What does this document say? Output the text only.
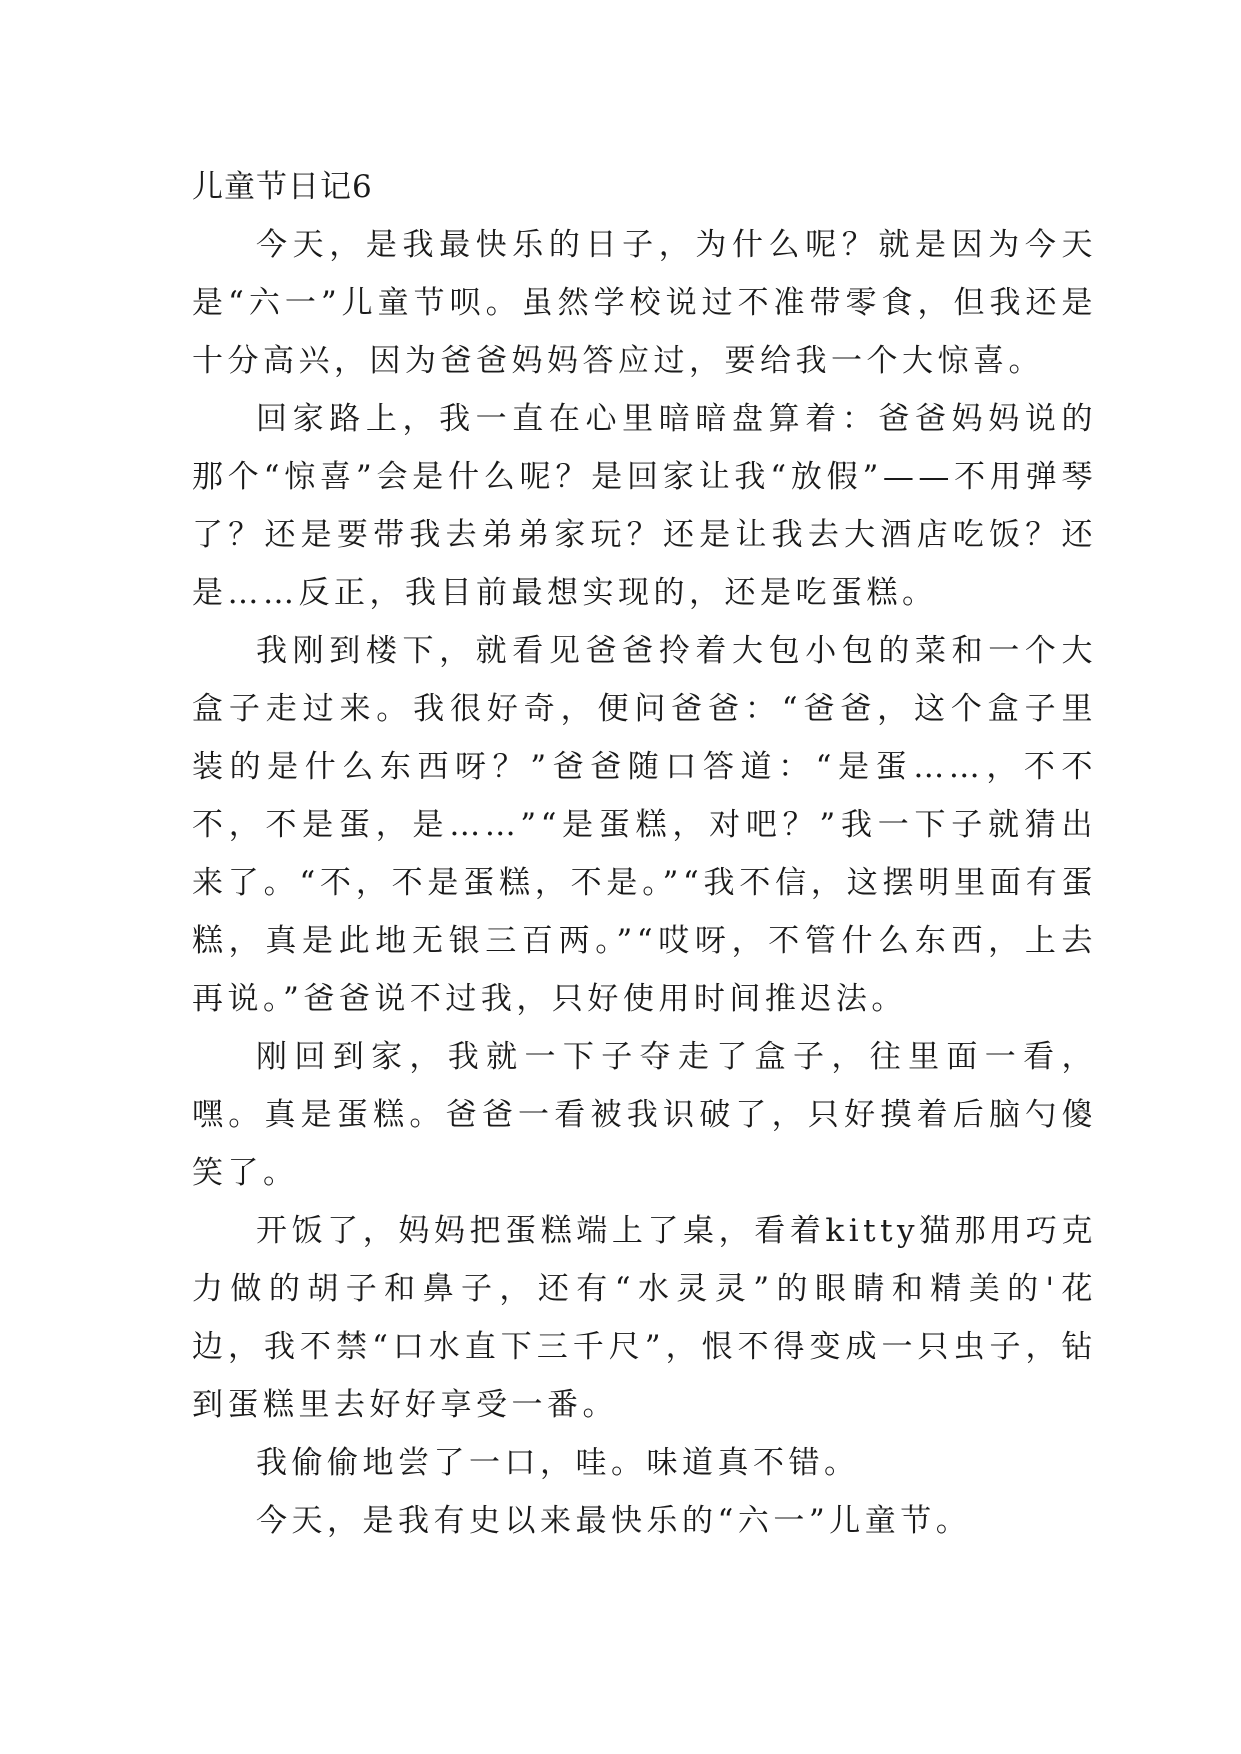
儿童节日记6

今天，是我最快乐的日子，为什么呢？就是因为今天是“六一”儿童节呗。虽然学校说过不准带零食，但我还是十分高兴，因为爸爸妈妈答应过，要给我一个大惊喜。

回家路上，我一直在心里暗暗盘算着：爸爸妈妈说的那个“惊喜”会是什么呢？是回家让我“放假”——不用弹琴了？还是要带我去弟弟家玩？还是让我去大酒店吃饭？还是……反正，我目前最想实现的，还是吃蛋糕。

我刚到楼下，就看见爸爸拎着大包小包的菜和一个大盒子走过来。我很好奇，便问爸爸：“爸爸，这个盒子里装的是什么东西呀？”爸爸随口答道：“是蛋……，不不不，不是蛋，是……”“是蛋糕，对吧？”我一下子就猜出来了。“不，不是蛋糕，不是。”“我不信，这摆明里面有蛋糕，真是此地无银三百两。”“哎呀，不管什么东西，上去再说。”爸爸说不过我，只好使用时间推迟法。

刚回到家，我就一下子夺走了盒子，往里面一看，嘿。真是蛋糕。爸爸一看被我识破了，只好摸着后脑勺傻笑了。

开饭了，妈妈把蛋糕端上了桌，看着kitty猫那用巧克力做的胡子和鼻子，还有“水灵灵”的眼睛和精美的'花边，我不禁“口水直下三千尺”，恨不得变成一只虫子，钻到蛋糕里去好好享受一番。

我偷偷地尝了一口，哇。味道真不错。

今天，是我有史以来最快乐的“六一”儿童节。
